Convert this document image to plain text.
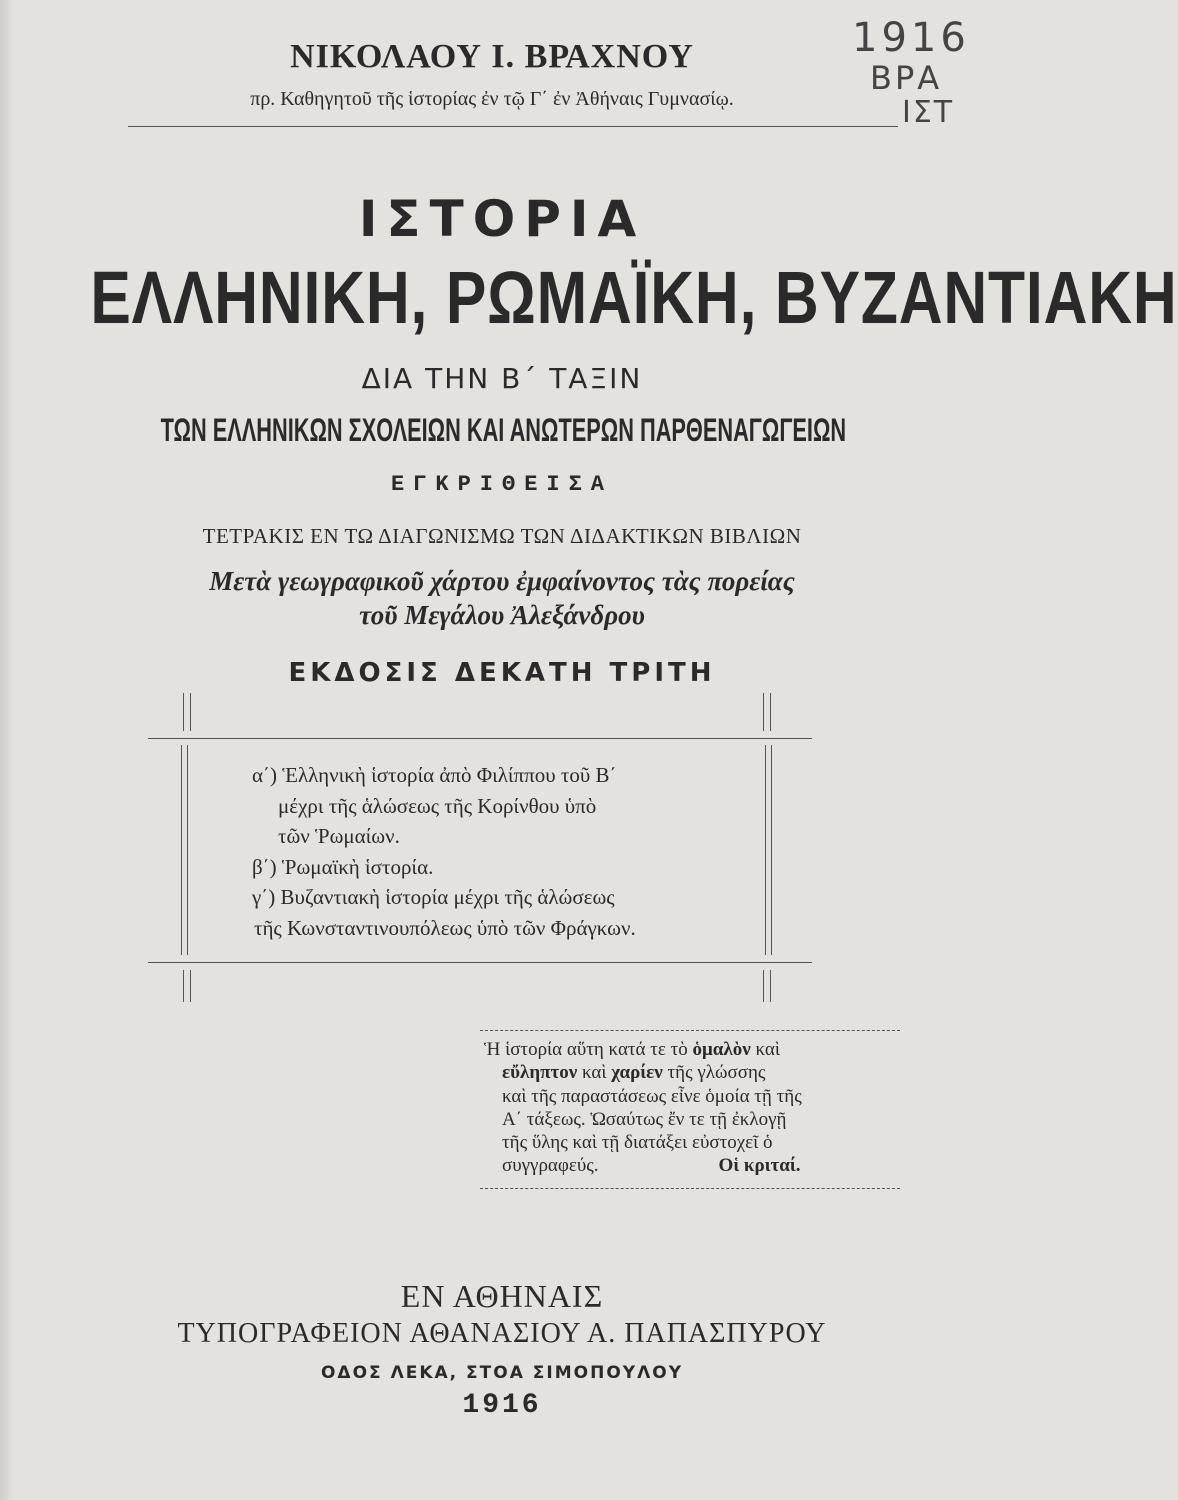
1916
ΒΡΑ
ΙΣΤ
ΝΙΚΟΛΑΟΥ Ι. ΒΡΑΧΝΟΥ
πρ. Καθηγητοῦ τῆς ἱστορίας ἐν τῷ Γ΄ ἐν Ἀθήναις Γυμνασίῳ.
ΙΣΤΟΡΙΑ
ΕΛΛΗΝΙΚΗ, ΡΩΜΑΪΚΗ, ΒΥΖΑΝΤΙΑΚΗ
ΔΙΑ ΤΗΝ Β΄ ΤΑΞΙΝ
ΤΩΝ ΕΛΛΗΝΙΚΩΝ ΣΧΟΛΕΙΩΝ ΚΑΙ ΑΝΩΤΕΡΩΝ ΠΑΡΘΕΝΑΓΩΓΕΙΩΝ
ΕΓΚΡΙΘΕΙΣΑ
ΤΕΤΡΑΚΙΣ ΕΝ ΤΩ ΔΙΑΓΩΝΙΣΜΩ ΤΩΝ ΔΙΔΑΚΤΙΚΩΝ ΒΙΒΛΙΩΝ
Μετὰ γεωγραφικοῦ χάρτου ἐμφαίνοντος τὰς πορείας
τοῦ Μεγάλου Ἀλεξάνδρου
ΕΚΔΟΣΙΣ ΔΕΚΑΤΗ ΤΡΙΤΗ
α΄) Ἑλληνικὴ ἱστορία ἀπὸ Φιλίππου τοῦ Β΄
μέχρι τῆς ἁλώσεως τῆς Κορίνθου ὑπὸ
τῶν Ῥωμαίων.
β΄) Ῥωμαϊκὴ ἱστορία.
γ΄) Βυζαντιακὴ ἱστορία μέχρι τῆς ἁλώσεως
τῆς Κωνσταντινουπόλεως ὑπὸ τῶν Φράγκων.
Ἡ ἱστορία αὕτη κατά τε τὸ ὁμαλὸν καὶ
εὔληπτον καὶ χαρίεν τῆς γλώσσης
καὶ τῆς παραστάσεως εἶνε ὁμοία τῇ τῆς
Α΄ τάξεως. Ὡσαύτως ἔν τε τῇ ἐκλογῇ
τῆς ὕλης καὶ τῇ διατάξει εὐστοχεῖ ὁ
συγγραφεύς.	Οἱ κριταί.
ΕΝ ΑΘΗΝΑΙΣ
ΤΥΠΟΓΡΑΦΕΙΟΝ ΑΘΑΝΑΣΙΟΥ Α. ΠΑΠΑΣΠΥΡΟΥ
ΟΔΟΣ ΛΕΚΑ, ΣΤΟΑ ΣΙΜΟΠΟΥΛΟΥ
1916
